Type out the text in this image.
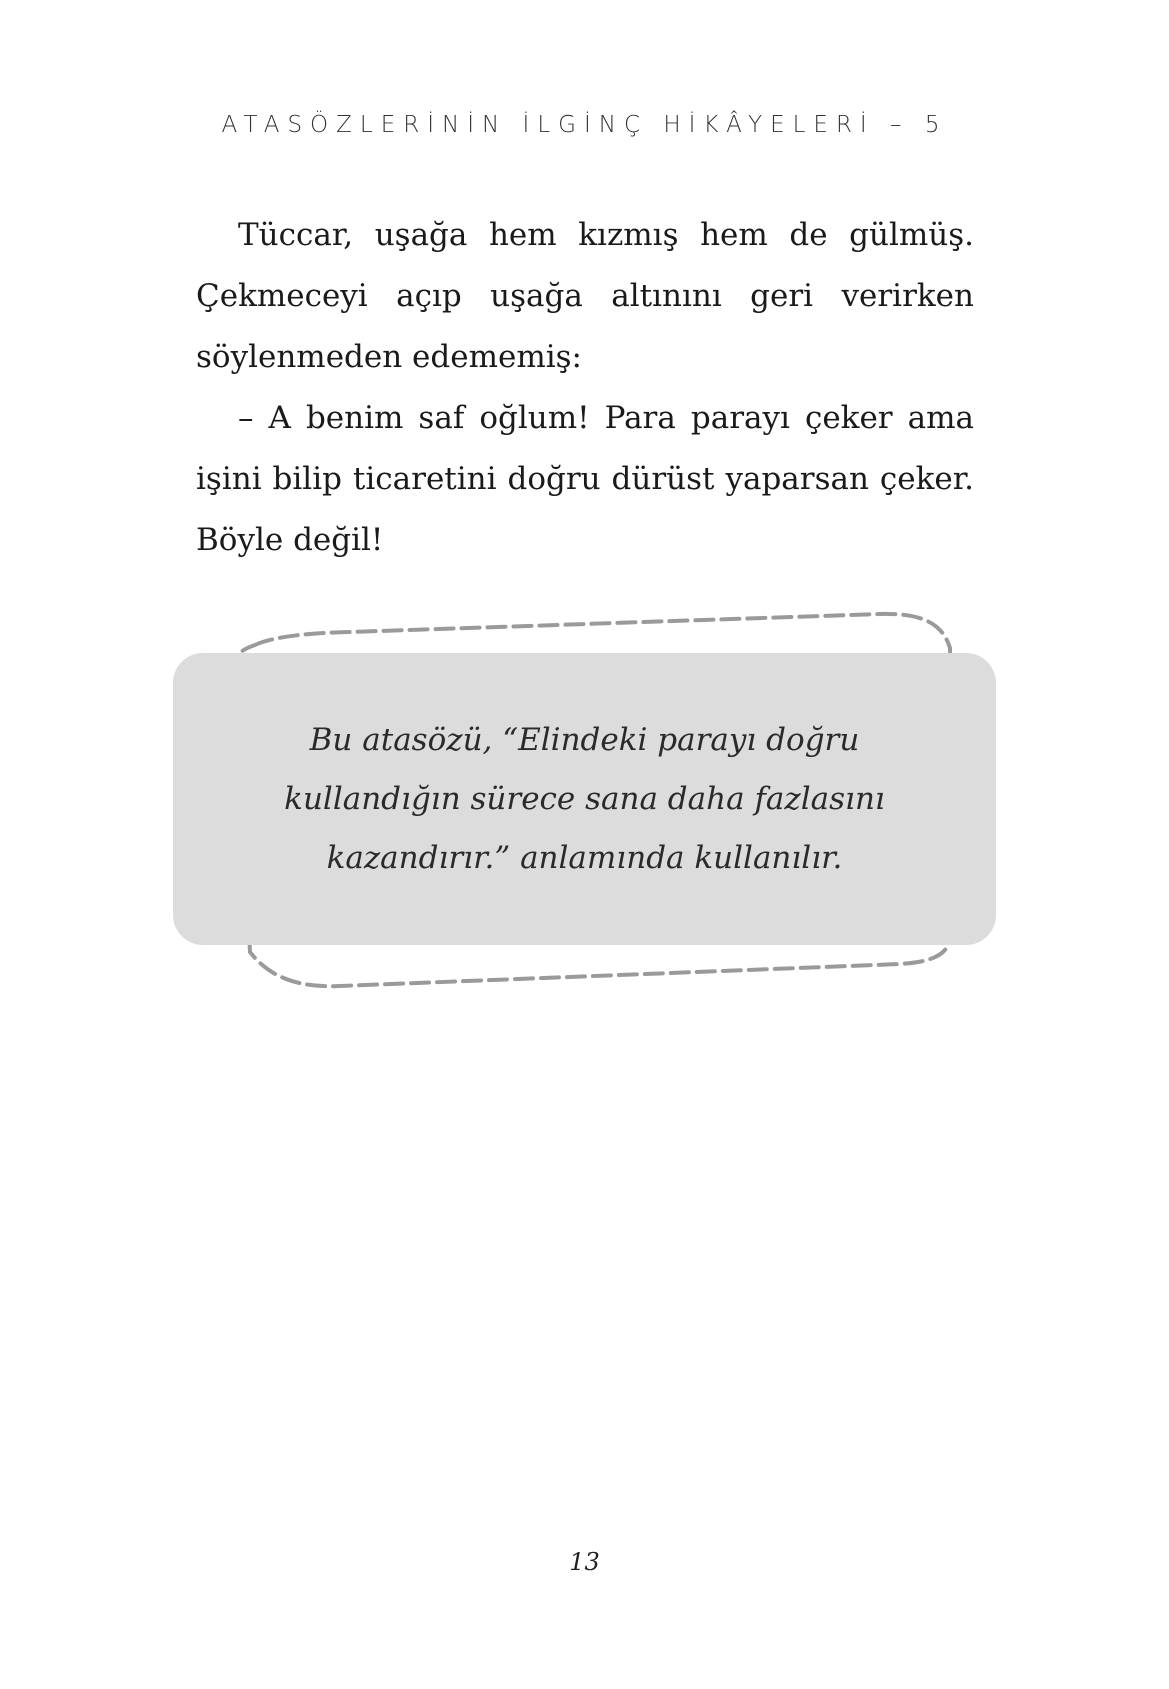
ATASÖZLERİNİN İLGİNÇ HİKÂYELERİ – 5

Tüccar, uşağa hem kızmış hem de gülmüş. Çekmeceyi açıp uşağa altınını geri verirken söylenmeden edememiş:

– A benim saf oğlum! Para parayı çeker ama işini bilip ticaretini doğru dürüst yaparsan çeker. Böyle değil!

Bu atasözü, “Elindeki parayı doğru kullandığın sürece sana daha fazlasını kazandırır.” anlamında kullanılır.

13
